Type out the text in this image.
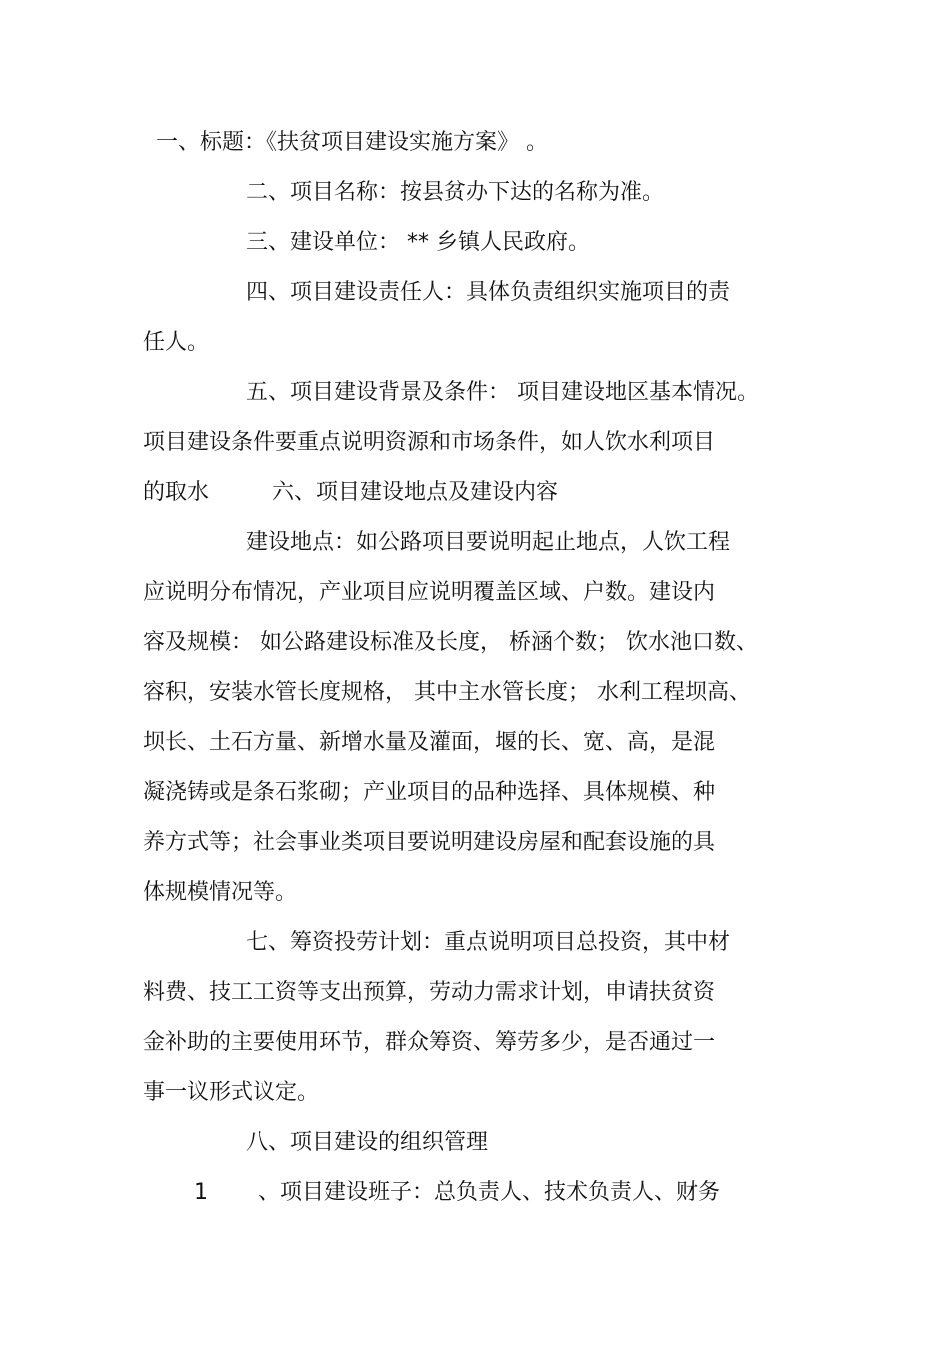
一、标题：《扶贫项目建设实施方案》 。
二、项目名称：按县贫办下达的名称为准。
三、建设单位： ** 乡镇人民政府。
四、项目建设责任人：具体负责组织实施项目的责
任人。
五、项目建设背景及条件： 项目建设地区基本情况。
项目建设条件要重点说明资源和市场条件，如人饮水利项目
的取水	六、项目建设地点及建设内容
建设地点：如公路项目要说明起止地点，人饮工程
应说明分布情况，产业项目应说明覆盖区域、户数。建设内
容及规模： 如公路建设标准及长度， 桥涵个数； 饮水池口数、
容积，安装水管长度规格， 其中主水管长度； 水利工程坝高、
坝长、土石方量、新增水量及灌面，堰的长、宽、高，是混
凝浇铸或是条石浆砌；产业项目的品种选择、具体规模、种
养方式等；社会事业类项目要说明建设房屋和配套设施的具
体规模情况等。
七、筹资投劳计划：重点说明项目总投资，其中材
料费、技工工资等支出预算，劳动力需求计划，申请扶贫资
金补助的主要使用环节，群众筹资、筹劳多少，是否通过一
事一议形式议定。
八、项目建设的组织管理
1 、项目建设班子：总负责人、技术负责人、财务
